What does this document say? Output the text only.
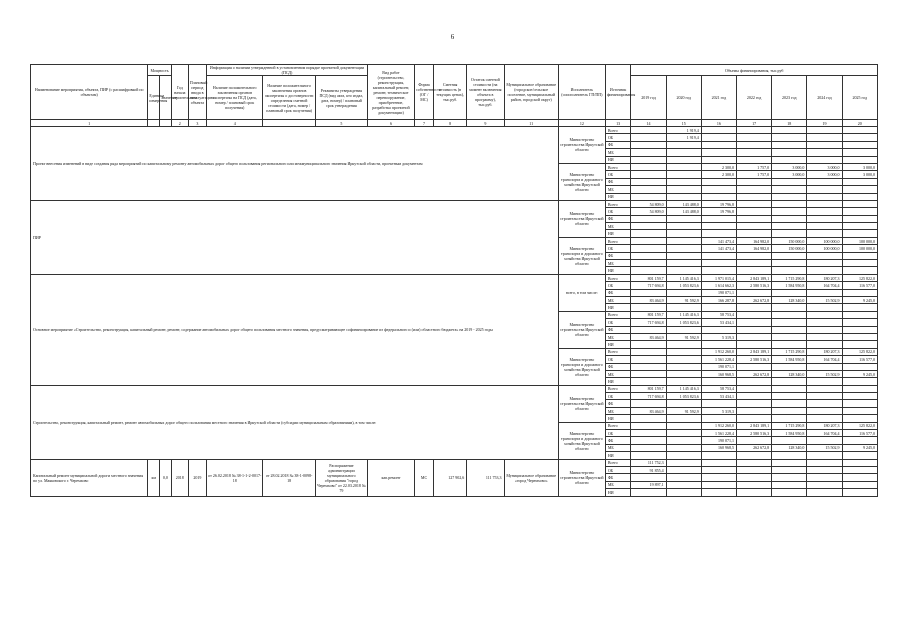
6
Наименование мероприятия, объекта, ПИР (с расшифровкой по объектам)	Мощность		Год начала строительства	Плановый период ввода в эксплуатацию объекта	Информация о наличии утвержденной в установленном порядке проектной документации (ПСД)			Вид работ (строительство, реконструкция, капитальный ремонт, ремонт, техническое перевооружение, приобретение, разработка проектной документации)	Форма собственности (ОГ / МС)	Сметная стоимость (в текущих ценах), тыс.руб.	Остаток сметной стоимости (на момент включения объекта в программу), тыс.руб.	Муниципальное образование (городское/сельское поселение, муниципальный район, городской округ)	Исполнитель (соисполнитель ГП/ПП)	Источник финансирования	Объемы финансирования, тыс.руб						
	Единица измерения	Значение			Наличие положительного заключения органов экспертизы на ПСД (дата, номер / плановый срок получения)	Наличие положительного заключения органов экспертизы о достоверности определения сметной стоимости (дата, номер / плановый срок получения)	Реквизиты утверждения ПСД (вид акта, кто издал, дата, номер) / плановый срок утверждения								2019 год	2020 год	2021 год	2022 год	2023 год	2024 год	2025 год
1			2	3	4		5	6	7	8	9	11	12	13	14	15	16	17	18	19	20
Проект внесения изменений в виде создания ряда мероприятий по капитальному ремонту автомобильных дорог общего пользования регионального или межмуниципального значения Иркутской области, проектным документам													Министерство строительства Иркутской области	Всего		1 919,4					
														ОБ		1 919,4					
														ФБ							
														МБ							
														НИ							
													Министерство транспорта и дорожного хозяйства Иркутской области	Всего			2 300,0	1 757,0	3 000,0	3 000,0	3 000,0
														ОБ			2 300,0	1 757,0	3 000,0	3 000,0	3 000,0
														ФБ							
														МБ							
														НИ							
ПИР													Министерство строительства Иркутской области	Всего	54 809,0	143 488,0	19 796,8				
														ОБ	54 809,0	143 488,0	19 796,8				
														ФБ							
														МБ							
														НИ							
													Министерство транспорта и дорожного хозяйства Иркутской области	Всего			141 473,4	164 982,0	150 000,0	100 000,0	100 000,0
														ОБ			141 473,4	164 982,0	150 000,0	100 000,0	100 000,0
														ФБ							
														МБ							
														НИ							
Основное мероприятие «Строительство, реконструкция, капитальный ремонт, ремонт, содержание автомобильных дорог общего пользования местного значения, предусматривающее софинансирование из федерального и (или) областного бюджета» на 2019 - 2025 годы													всего, в том числе:	Всего	801 159,7	1 145 416,3	1 971 015,4	2 843 189,1	1 715 290,8	180 207,3	125 822,0
														ОБ	717 694,8	1 053 823,6	1 614 662,3	2 580 516,3	1 584 950,8	164 704,4	116 577,0
														ФБ			190 071,1				
														МБ	83 464,9	91 592,9	166 287,8	262 672,8	128 340,0	15 502,9	9 245,0
														НИ							
													Министерство строительства Иркутской области	Всего	801 159,7	1 145 416,3	58 753,4				
														ОБ	717 694,8	1 053 823,6	53 434,1				
														ФБ							
														МБ	83 464,9	91 592,9	5 319,3				
														НИ							
													Министерство транспорта и дорожного хозяйства Иркутской области	Всего			1 912 260,0	2 843 189,1	1 715 290,8	180 207,3	125 822,0
														ОБ			1 561 228,4	2 580 516,3	1 584 950,8	164 704,4	116 577,0
														ФБ			190 071,1				
														МБ			160 968,5	262 672,8	128 340,0	15 502,9	9 245,0
														НИ							
Строительство, реконструкция, капитальный ремонт, ремонт автомобильных дорог общего пользования местного значения в Иркутской области (субсидии муниципальным образованиям), в том числе:													Министерство строительства Иркутской области	Всего	801 159,7	1 145 416,3	58 753,4				
														ОБ	717 694,8	1 053 823,6	53 434,1				
														ФБ							
														МБ	83 464,9	91 592,9	5 319,3				
														НИ							
													Министерство транспорта и дорожного хозяйства Иркутской области	Всего			1 912 260,0	2 843 189,1	1 715 290,8	180 207,3	125 822,0
														ОБ			1 561 228,4	2 580 516,3	1 584 950,8	164 704,4	116 577,0
														ФБ			190 071,1				
														МБ			160 968,5	262 672,8	128 340,0	15 502,9	9 245,0
														НИ							
Капитальный ремонт муниципальной дороги местного значения по ул. Маяковского г. Черемхово	км	0,0	2018	2019	от 26.02.2018 № 38-1-1-2-0017-18	от 28.02.2018 № 38-1-0098-18	Распоряжение администрации муниципального образования "город Черемхово" от 22.03.2018 № 79	кап.ремонт	МС	127 902,6	111 753,3	Муниципальное образование «город Черемхово»	Министерство строительства Иркутской области	Всего	111 752,3						
														ОБ	91 855,4						
														ФБ							
														МБ	19 897,1						
														НИ							
